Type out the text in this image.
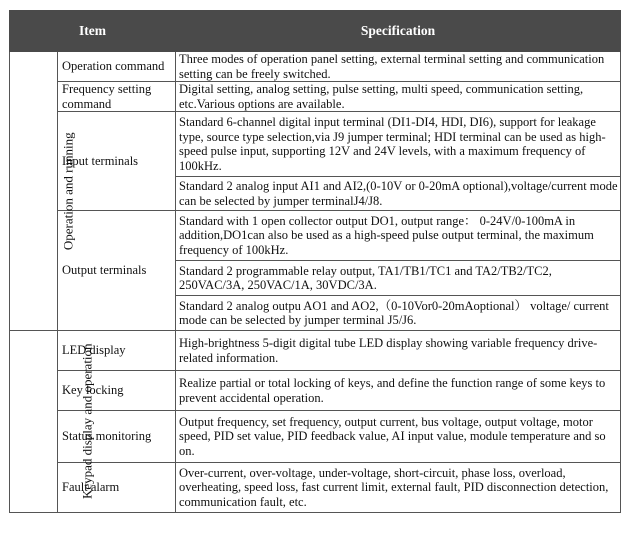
Item		Specification
Operation and running	Operation command	Three modes of operation panel setting, external terminal setting and communication setting can be freely switched.
	Frequency setting command	Digital setting, analog setting, pulse setting, multi speed, communication setting, etc.Various options are available.
	Input terminals	Standard 6-channel digital input terminal (DI1-DI4, HDI, DI6), support for leakage type, source type selection,via J9 jumper terminal; HDI terminal can be used as high-speed pulse input, supporting 12V and 24V levels, with a maximum frequency of 100kHz.
		Standard 2 analog input AI1 and AI2,(0-10V or 0-20mA optional),voltage/current mode can be selected by jumper terminalJ4/J8.
	Output terminals	Standard with 1 open collector output DO1, output range： 0-24V/0-100mA in addition,DO1can also be used as a high-speed pulse output terminal, the maximum frequency of 100kHz.
		Standard 2 programmable relay output, TA1/TB1/TC1 and TA2/TB2/TC2, 250VAC/3A, 250VAC/1A, 30VDC/3A.
		Standard 2 analog outpu AO1 and AO2,（0-10Vor0-20mAoptional） voltage/ current mode can be selected by jumper terminal J5/J6.
Keypad display and operation	LED display	High-brightness 5-digit digital tube LED display showing variable frequency drive-related information.
	Key locking	Realize partial or total locking of keys, and define the function range of some keys to prevent accidental operation.
	Status monitoring	Output frequency, set frequency, output current, bus voltage, output voltage, motor speed, PID set value, PID feedback value, AI input value, module temperature and so on.
	Fault alarm	Over-current, over-voltage, under-voltage, short-circuit, phase loss, overload, overheating, speed loss, fast current limit, external fault, PID disconnection detection, communication fault, etc.
